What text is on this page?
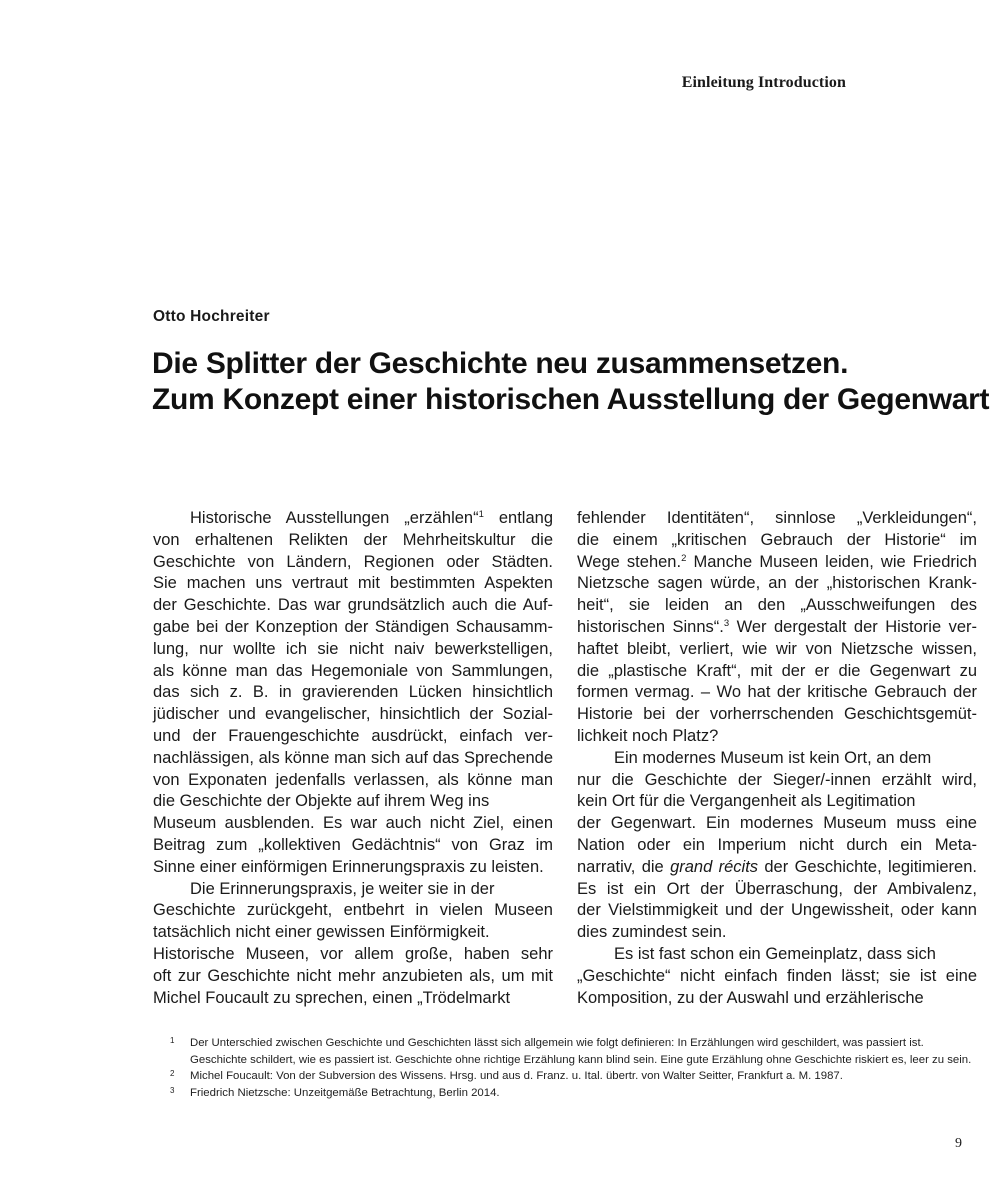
Einleitung Introduction
Otto Hochreiter
Die Splitter der Geschichte neu zusammensetzen.
Zum Konzept einer historischen Ausstellung der Gegenwart
Historische Ausstellungen „erzählen“$^1$ entlang
von erhaltenen Relikten der Mehrheitskultur die
Geschichte von Ländern, Regionen oder Städten.
Sie machen uns vertraut mit bestimmten Aspekten
der Geschichte. Das war grundsätzlich auch die Auf-
gabe bei der Konzeption der Ständigen Schausamm-
lung, nur wollte ich sie nicht naiv bewerkstelligen,
als könne man das Hegemoniale von Sammlungen,
das sich z. B. in gravierenden Lücken hinsichtlich
jüdischer und evangelischer, hinsichtlich der Sozial-
und der Frauengeschichte ausdrückt, einfach ver-
nachlässigen, als könne man sich auf das Sprechende
von Exponaten jedenfalls verlassen, als könne man
die Geschichte der Objekte auf ihrem Weg ins
Museum ausblenden. Es war auch nicht Ziel, einen
Beitrag zum „kollektiven Gedächtnis“ von Graz im
Sinne einer einförmigen Erinnerungspraxis zu leisten.
Die Erinnerungspraxis, je weiter sie in der
Geschichte zurückgeht, entbehrt in vielen Museen
tatsächlich nicht einer gewissen Einförmigkeit.
Historische Museen, vor allem große, haben sehr
oft zur Geschichte nicht mehr anzubieten als, um mit
Michel Foucault zu sprechen, einen „Trödelmarkt
fehlender Identitäten“, sinnlose „Verkleidungen“,
die einem „kritischen Gebrauch der Historie“ im
Wege stehen.$^2$ Manche Museen leiden, wie Friedrich
Nietzsche sagen würde, an der „historischen Krank-
heit“, sie leiden an den „Ausschweifungen des
historischen Sinns“.$^3$ Wer dergestalt der Historie ver-
haftet bleibt, verliert, wie wir von Nietzsche wissen,
die „plastische Kraft“, mit der er die Gegenwart zu
formen vermag. – Wo hat der kritische Gebrauch der
Historie bei der vorherrschenden Geschichtsgemüt-
lichkeit noch Platz?
Ein modernes Museum ist kein Ort, an dem
nur die Geschichte der Sieger/-innen erzählt wird,
kein Ort für die Vergangenheit als Legitimation
der Gegenwart. Ein modernes Museum muss eine
Nation oder ein Imperium nicht durch ein Meta-
narrativ, die grand récits der Geschichte, legitimieren.
Es ist ein Ort der Überraschung, der Ambivalenz,
der Vielstimmigkeit und der Ungewissheit, oder kann
dies zumindest sein.
Es ist fast schon ein Gemeinplatz, dass sich
„Geschichte“ nicht einfach finden lässt; sie ist eine
Komposition, zu der Auswahl und erzählerische
1 Der Unterschied zwischen Geschichte und Geschichten lässt sich allgemein wie folgt definieren: In Erzählungen wird geschildert, was passiert ist.
Geschichte schildert, wie es passiert ist. Geschichte ohne richtige Erzählung kann blind sein. Eine gute Erzählung ohne Geschichte riskiert es, leer zu sein.
2 Michel Foucault: Von der Subversion des Wissens. Hrsg. und aus d. Franz. u. Ital. übertr. von Walter Seitter, Frankfurt a. M. 1987.
3 Friedrich Nietzsche: Unzeitgemäße Betrachtung, Berlin 2014.
9
